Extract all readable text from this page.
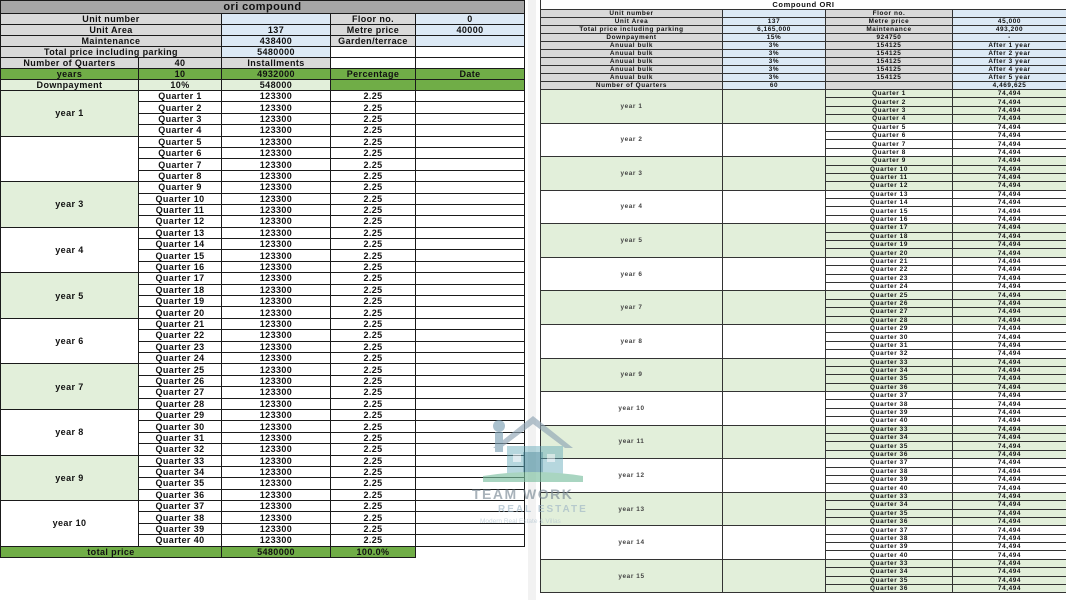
ori compound				
Unit number			Floor no.	0
Unit Area		137	Metre price	40000
Maintenance		438400	Garden/terrace	
Total price including parking		5480000		
Number of Quarters	40	Installments		
years	10	4932000	Percentage	Date
Downpayment	10%	548000		
year 1	Quarter 1	123300	2.25	
	Quarter 2	123300	2.25	
	Quarter 3	123300	2.25	
	Quarter 4	123300	2.25	
	Quarter 5	123300	2.25	
	Quarter 6	123300	2.25	
	Quarter 7	123300	2.25	
	Quarter 8	123300	2.25	
year 3	Quarter 9	123300	2.25	
	Quarter 10	123300	2.25	
	Quarter 11	123300	2.25	
	Quarter 12	123300	2.25	
year 4	Quarter 13	123300	2.25	
	Quarter 14	123300	2.25	
	Quarter 15	123300	2.25	
	Quarter 16	123300	2.25	
year 5	Quarter 17	123300	2.25	
	Quarter 18	123300	2.25	
	Quarter 19	123300	2.25	
	Quarter 20	123300	2.25	
year 6	Quarter 21	123300	2.25	
	Quarter 22	123300	2.25	
	Quarter 23	123300	2.25	
	Quarter 24	123300	2.25	
year 7	Quarter 25	123300	2.25	
	Quarter 26	123300	2.25	
	Quarter 27	123300	2.25	
	Quarter 28	123300	2.25	
year 8	Quarter 29	123300	2.25	
	Quarter 30	123300	2.25	
	Quarter 31	123300	2.25	
	Quarter 32	123300	2.25	
year 9	Quarter 33	123300	2.25	
	Quarter 34	123300	2.25	
	Quarter 35	123300	2.25	
	Quarter 36	123300	2.25	
year 10	Quarter 37	123300	2.25	
	Quarter 38	123300	2.25	
	Quarter 39	123300	2.25	
	Quarter 40	123300	2.25	
total price		5480000	100.0%	
Compound ORI			
Unit number		Floor no.	
Unit Area	137	Metre price	45,000
Total price including parking	6,165,000	Maintenance	493,200
Downpayment	15%	924750	-
Anuual bulk	3%	154125	After 1 year
Anuual bulk	3%	154125	After 2 year
Anuual bulk	3%	154125	After 3 year
Anuual bulk	3%	154125	After 4 year
Anuual bulk	3%	154125	After 5 year
Number of Quarters	60		4,469,625
year 1		Quarter 1	74,494
		Quarter 2	74,494
		Quarter 3	74,494
		Quarter 4	74,494
year 2		Quarter 5	74,494
		Quarter 6	74,494
		Quarter 7	74,494
		Quarter 8	74,494
year 3		Quarter 9	74,494
		Quarter 10	74,494
		Quarter 11	74,494
		Quarter 12	74,494
year 4		Quarter 13	74,494
		Quarter 14	74,494
		Quarter 15	74,494
		Quarter 16	74,494
year 5		Quarter 17	74,494
		Quarter 18	74,494
		Quarter 19	74,494
		Quarter 20	74,494
year 6		Quarter 21	74,494
		Quarter 22	74,494
		Quarter 23	74,494
		Quarter 24	74,494
year 7		Quarter 25	74,494
		Quarter 26	74,494
		Quarter 27	74,494
		Quarter 28	74,494
year 8		Quarter 29	74,494
		Quarter 30	74,494
		Quarter 31	74,494
		Quarter 32	74,494
year 9		Quarter 33	74,494
		Quarter 34	74,494
		Quarter 35	74,494
		Quarter 36	74,494
year 10		Quarter 37	74,494
		Quarter 38	74,494
		Quarter 39	74,494
		Quarter 40	74,494
year 11		Quarter 33	74,494
		Quarter 34	74,494
		Quarter 35	74,494
		Quarter 36	74,494
year 12		Quarter 37	74,494
		Quarter 38	74,494
		Quarter 39	74,494
		Quarter 40	74,494
year 13		Quarter 33	74,494
		Quarter 34	74,494
		Quarter 35	74,494
		Quarter 36	74,494
year 14		Quarter 37	74,494
		Quarter 38	74,494
		Quarter 39	74,494
		Quarter 40	74,494
year 15		Quarter 33	74,494
		Quarter 34	74,494
		Quarter 35	74,494
		Quarter 36	74,494
TEAM WORK
REAL ESTATE
Modern Real Estate & Villas
